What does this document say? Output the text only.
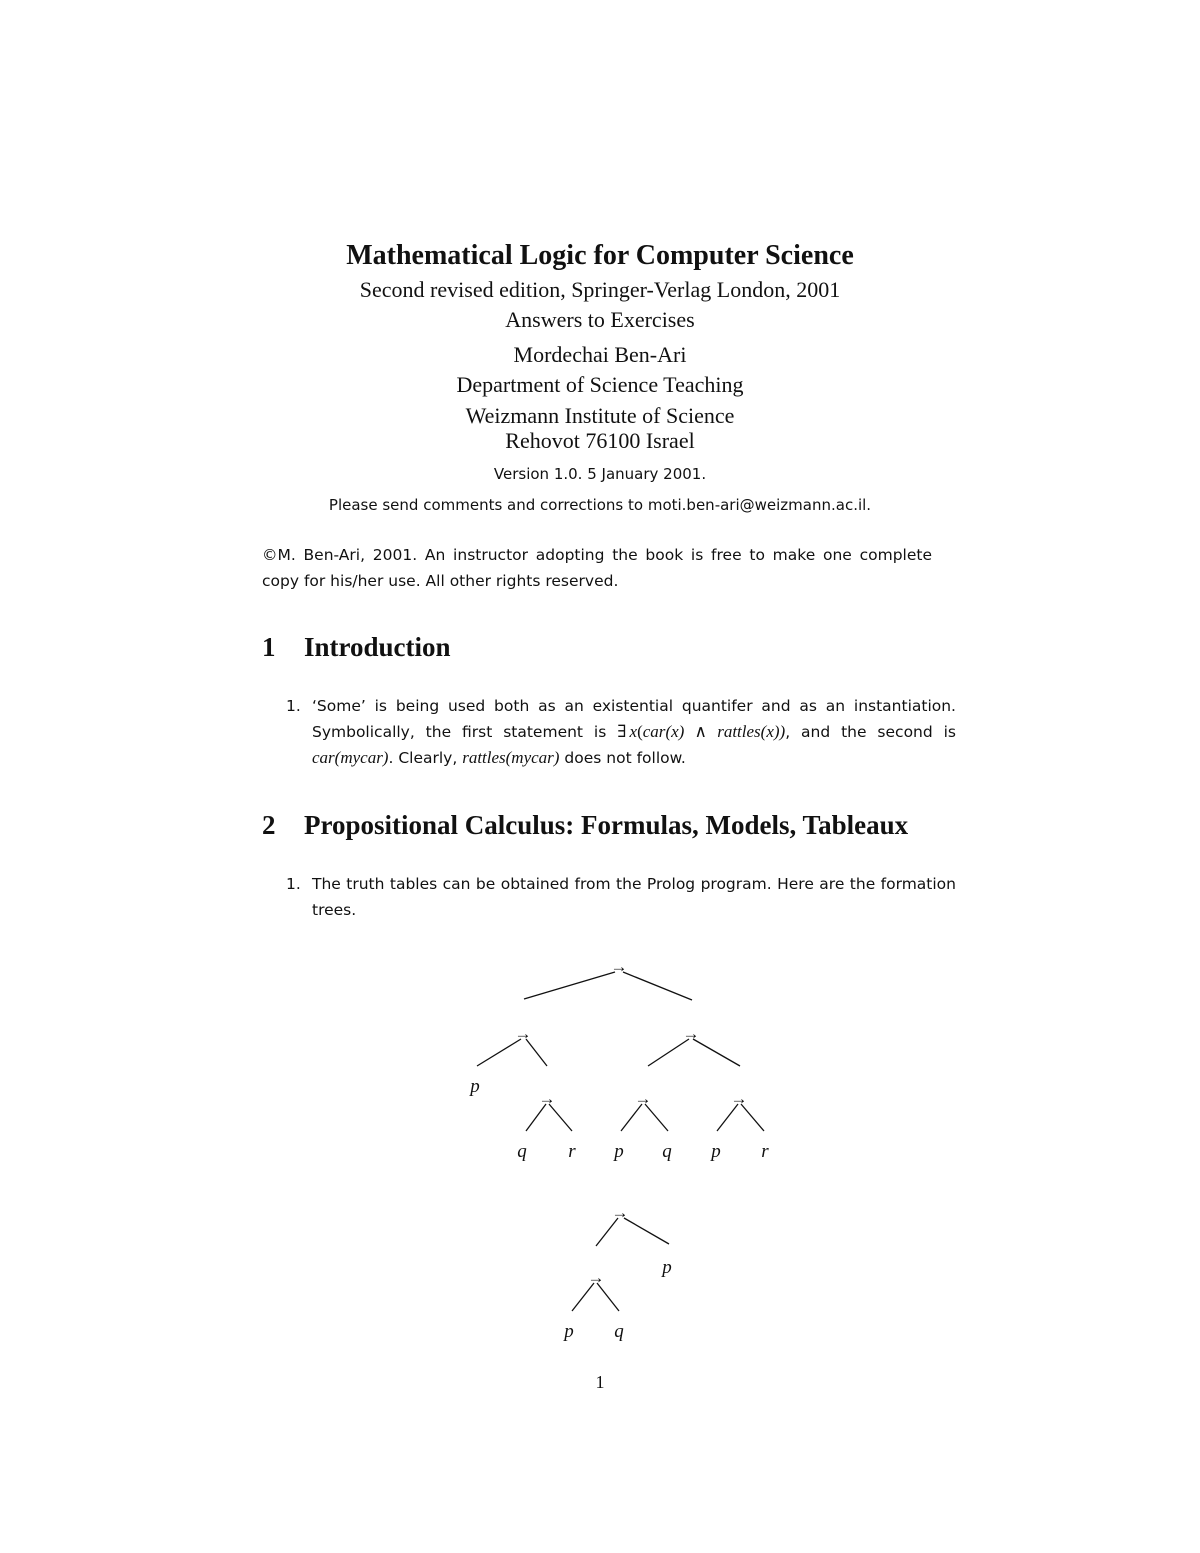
Mathematical Logic for Computer Science
Second revised edition, Springer-Verlag London, 2001
Answers to Exercises
Mordechai Ben-Ari
Department of Science Teaching
Weizmann Institute of Science
Rehovot 76100 Israel
Version 1.0. 5 January 2001.
Please send comments and corrections to moti.ben-ari@weizmann.ac.il.
©M. Ben-Ari, 2001. An instructor adopting the book is free to make one complete copy for his/her use. All other rights reserved.
1 Introduction
1. ‘Some’ is being used both as an existential quantifer and as an instantiation. Symbolically, the first statement is ∃  x(car(x) ∧ rattles(x)), and the second is car(mycar). Clearly, rattles(mycar) does not follow.
2 Propositional Calculus: Formulas, Models, Tableaux
1. The truth tables can be obtained from the Prolog program. Here are the formation trees.
→
→	→
→	→	→
→
→
p
q r p q p r
p
p q
1
